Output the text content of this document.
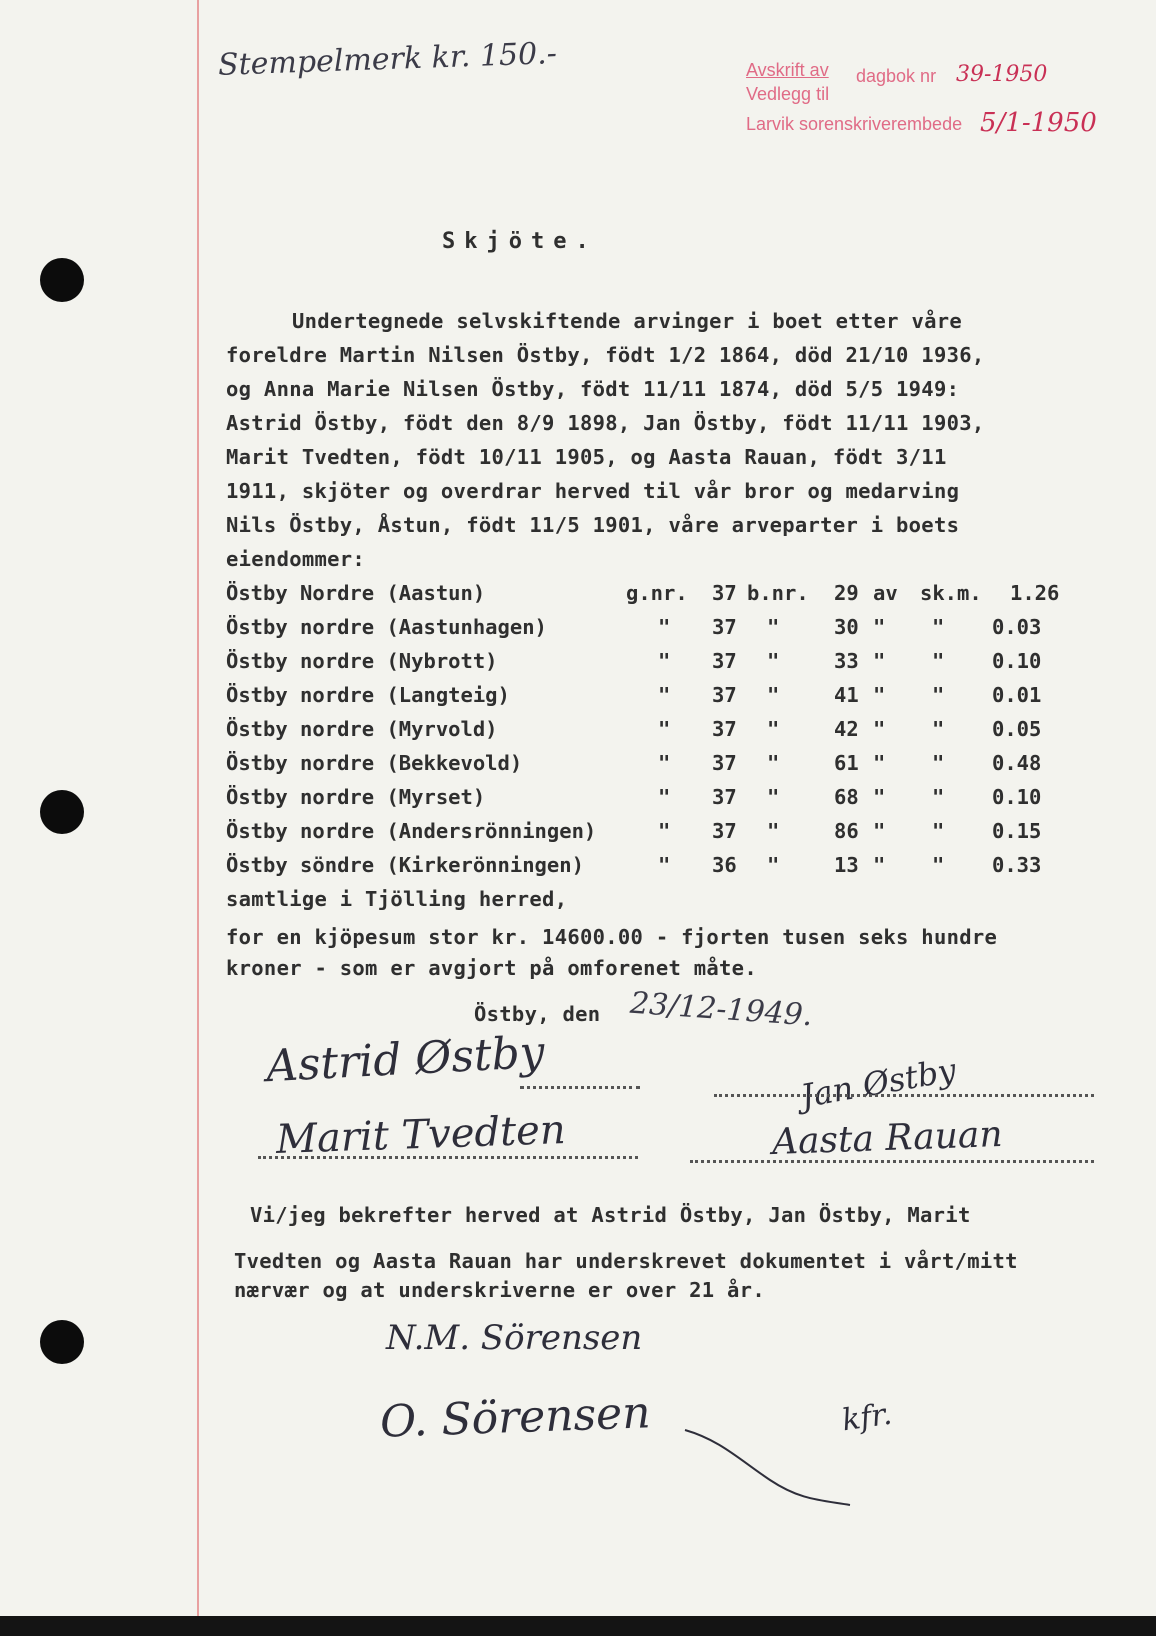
Stempelmerk kr. 150.-	Avskrift av dagbok nr 39-1950
Vedlegg til
Larvik sorenskriverembede 5/1-1950
Skjöte.
Undertegnede selvskiftende arvinger i boet etter våre
foreldre Martin Nilsen Östby, födt 1/2 1864, död 21/10 1936,
og Anna Marie Nilsen Östby, födt 11/11 1874, död 5/5 1949:
Astrid Östby, födt den 8/9 1898, Jan Östby, födt 11/11 1903,
Marit Tvedten, födt 10/11 1905, og Aasta Rauan, födt 3/11
1911, skjöter og overdrar herved til vår bror og medarving
Nils Östby, Åstun, födt 11/5 1901, våre arveparter i boets
eiendommer:
Östby Nordre (Aastun)	g.nr. 37 b.nr. 29 av sk.m. 1.26
Östby nordre (Aastunhagen)	" 37 "	30 " " 0.03
Östby nordre (Nybrott)	" 37 "	33 " " 0.10
Östby nordre (Langteig)	" 37 "	41 " " 0.01
Östby nordre (Myrvold)	" 37 "	42 " " 0.05
Östby nordre (Bekkevold)	" 37 "	61 " " 0.48
Östby nordre (Myrset)	" 37 "	68 " " 0.10
Östby nordre (Andersrönningen)	" 37 "	86 " " 0.15
Östby söndre (Kirkerönningen)	" 36 "	13 " " 0.33
samtlige i Tjölling herred,
for en kjöpesum stor kr. 14600.00 - fjorten tusen seks hundre
kroner - som er avgjort på omforenet måte.
Östby, den 23/12-1949.
Astrid Østby	Jan Østby
Marit Tvedten	Aasta Rauan
Vi/jeg bekrefter herved at Astrid Östby, Jan Östby, Marit
Tvedten og Aasta Rauan har underskrevet dokumentet i vårt/mitt
nærvær og at underskriverne er over 21 år.
N.M. Sörensen
O. Sörensen	kfr.
